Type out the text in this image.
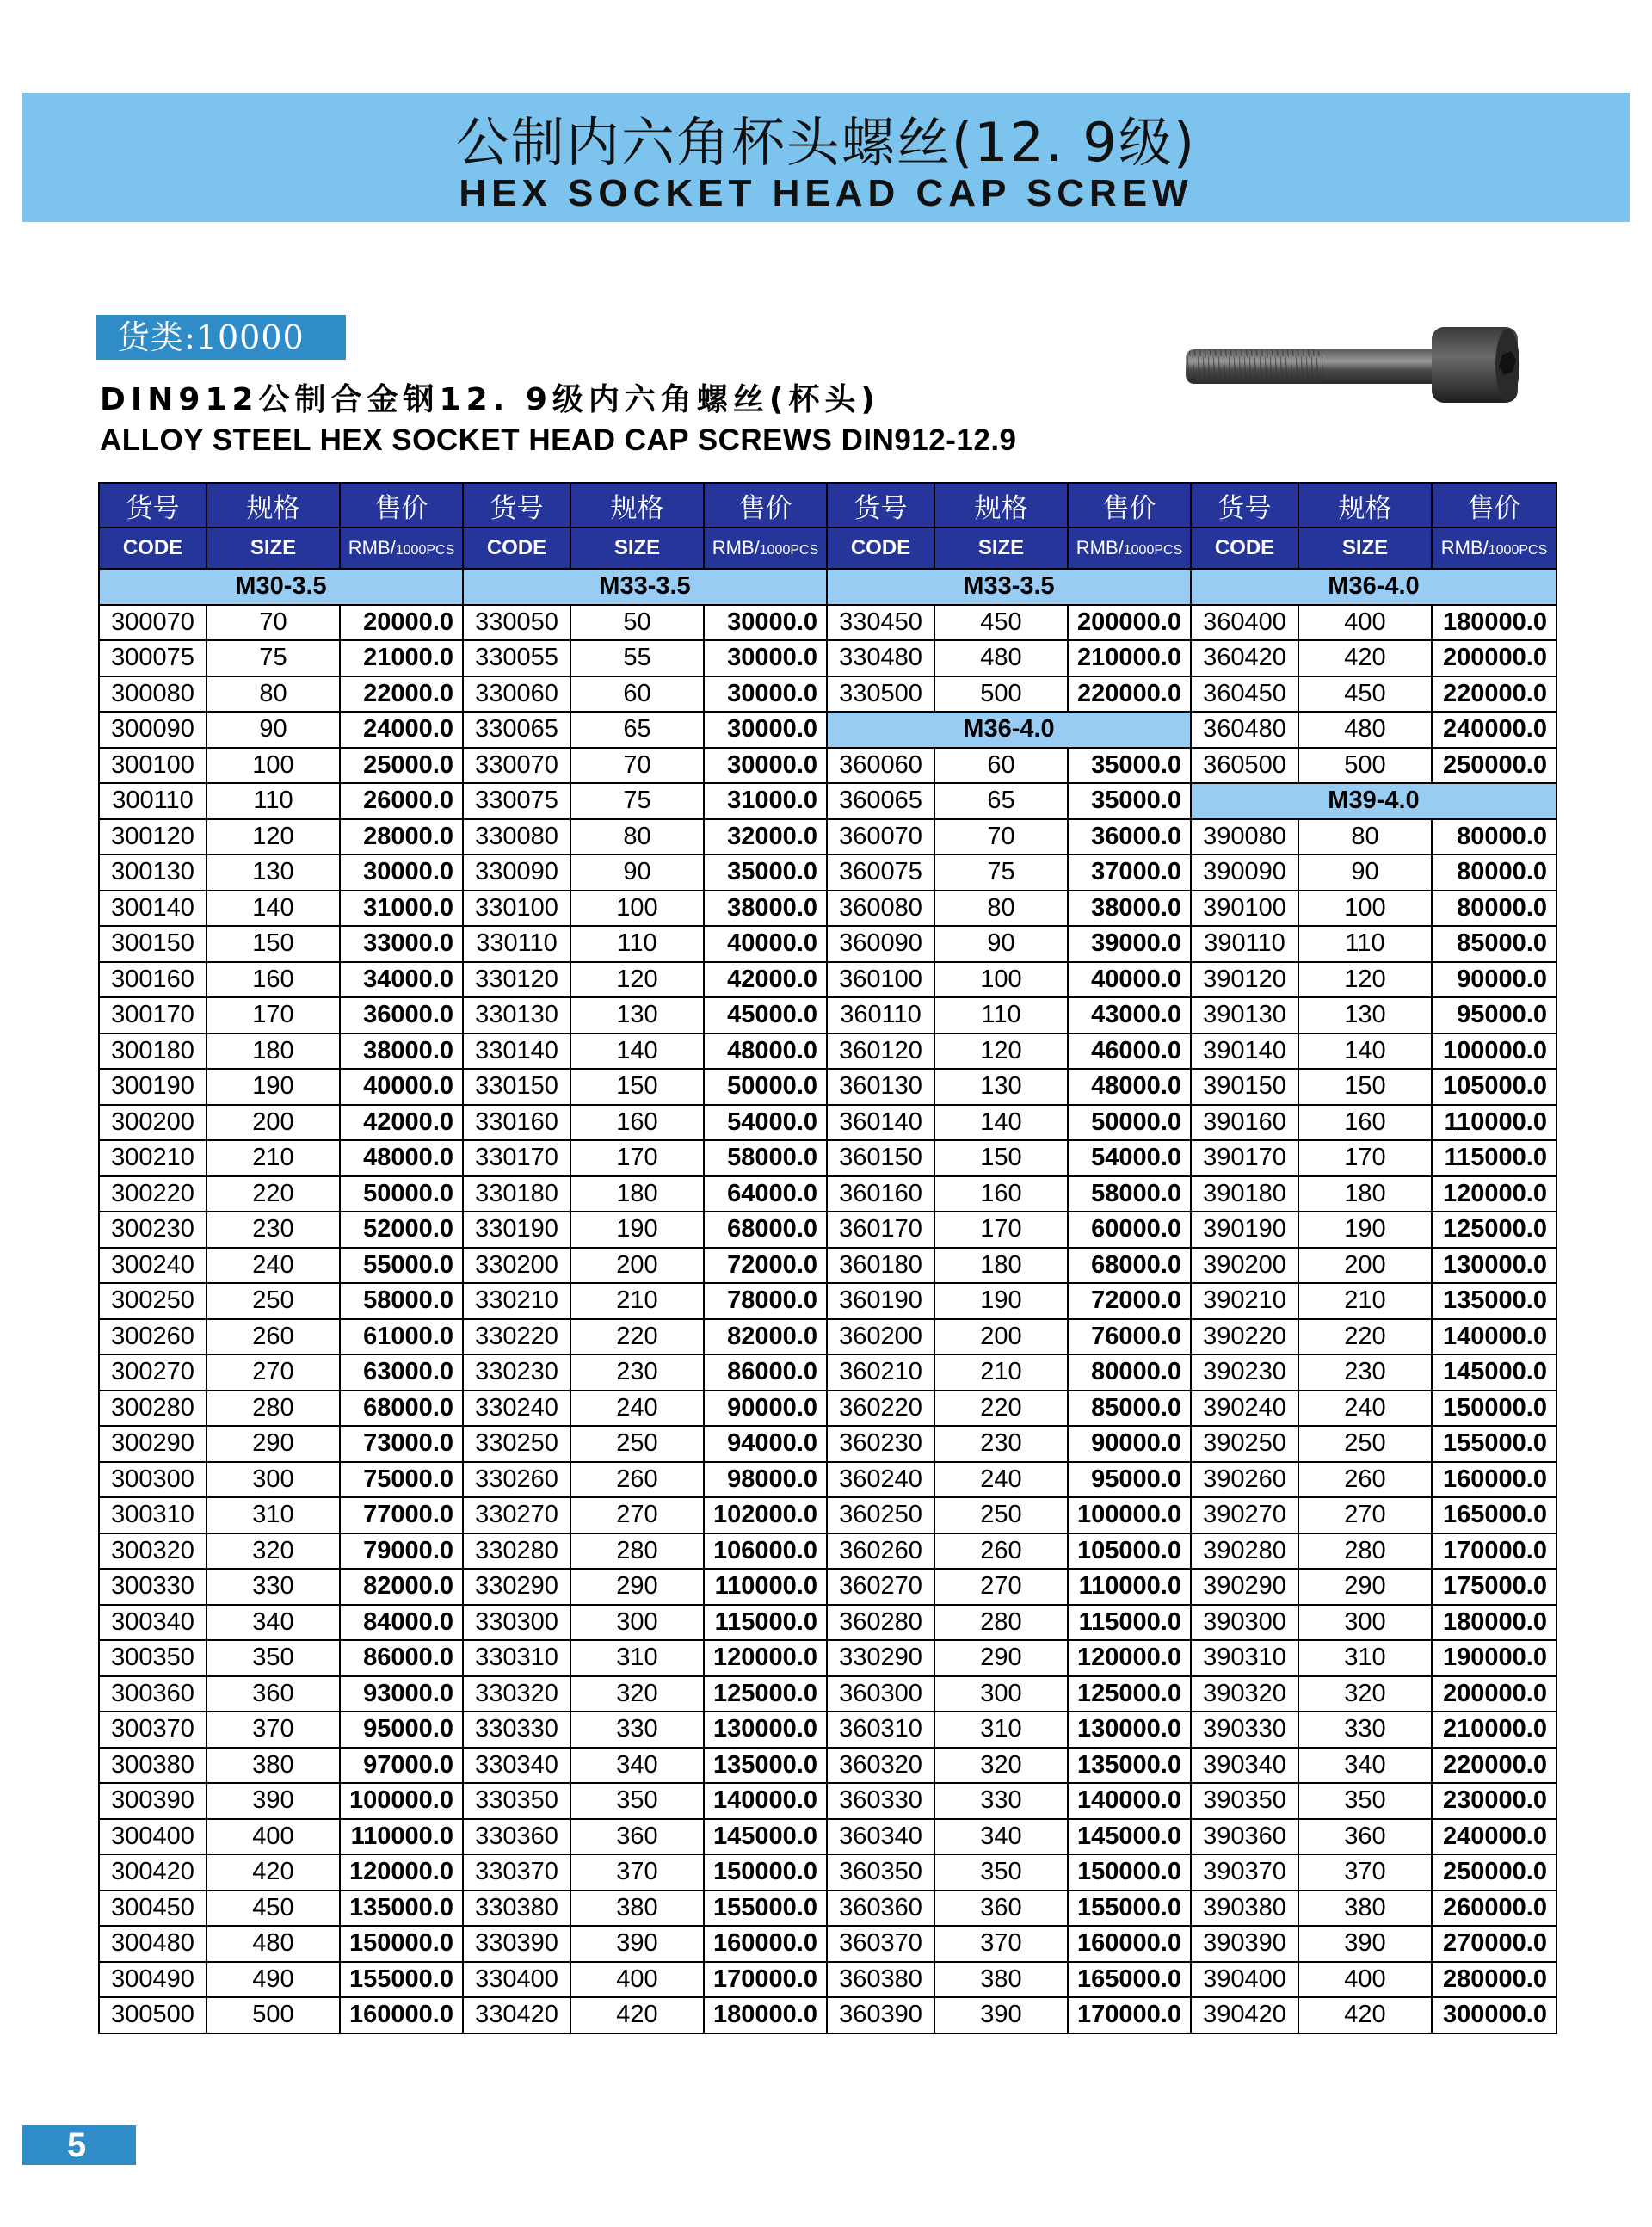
公制内六角杯头螺丝(12. 9级)
HEX SOCKET HEAD CAP SCREW
货类:10000
DIN912公制合金钢12. 9级内六角螺丝(杯头)
ALLOY STEEL HEX SOCKET HEAD CAP SCREWS DIN912-12.9
货号	规格	售价	货号	规格	售价	货号	规格	售价	货号	规格	售价
CODE	SIZE	RMB/1000PCS	CODE	SIZE	RMB/1000PCS	CODE	SIZE	RMB/1000PCS	CODE	SIZE	RMB/1000PCS
M30-3.5			M33-3.5			M33-3.5			M36-4.0		
300070	70	20000.0	330050	50	30000.0	330450	450	200000.0	360400	400	180000.0
300075	75	21000.0	330055	55	30000.0	330480	480	210000.0	360420	420	200000.0
300080	80	22000.0	330060	60	30000.0	330500	500	220000.0	360450	450	220000.0
300090	90	24000.0	330065	65	30000.0	M36-4.0			360480	480	240000.0
300100	100	25000.0	330070	70	30000.0	360060	60	35000.0	360500	500	250000.0
300110	110	26000.0	330075	75	31000.0	360065	65	35000.0	M39-4.0		
300120	120	28000.0	330080	80	32000.0	360070	70	36000.0	390080	80	80000.0
300130	130	30000.0	330090	90	35000.0	360075	75	37000.0	390090	90	80000.0
300140	140	31000.0	330100	100	38000.0	360080	80	38000.0	390100	100	80000.0
300150	150	33000.0	330110	110	40000.0	360090	90	39000.0	390110	110	85000.0
300160	160	34000.0	330120	120	42000.0	360100	100	40000.0	390120	120	90000.0
300170	170	36000.0	330130	130	45000.0	360110	110	43000.0	390130	130	95000.0
300180	180	38000.0	330140	140	48000.0	360120	120	46000.0	390140	140	100000.0
300190	190	40000.0	330150	150	50000.0	360130	130	48000.0	390150	150	105000.0
300200	200	42000.0	330160	160	54000.0	360140	140	50000.0	390160	160	110000.0
300210	210	48000.0	330170	170	58000.0	360150	150	54000.0	390170	170	115000.0
300220	220	50000.0	330180	180	64000.0	360160	160	58000.0	390180	180	120000.0
300230	230	52000.0	330190	190	68000.0	360170	170	60000.0	390190	190	125000.0
300240	240	55000.0	330200	200	72000.0	360180	180	68000.0	390200	200	130000.0
300250	250	58000.0	330210	210	78000.0	360190	190	72000.0	390210	210	135000.0
300260	260	61000.0	330220	220	82000.0	360200	200	76000.0	390220	220	140000.0
300270	270	63000.0	330230	230	86000.0	360210	210	80000.0	390230	230	145000.0
300280	280	68000.0	330240	240	90000.0	360220	220	85000.0	390240	240	150000.0
300290	290	73000.0	330250	250	94000.0	360230	230	90000.0	390250	250	155000.0
300300	300	75000.0	330260	260	98000.0	360240	240	95000.0	390260	260	160000.0
300310	310	77000.0	330270	270	102000.0	360250	250	100000.0	390270	270	165000.0
300320	320	79000.0	330280	280	106000.0	360260	260	105000.0	390280	280	170000.0
300330	330	82000.0	330290	290	110000.0	360270	270	110000.0	390290	290	175000.0
300340	340	84000.0	330300	300	115000.0	360280	280	115000.0	390300	300	180000.0
300350	350	86000.0	330310	310	120000.0	330290	290	120000.0	390310	310	190000.0
300360	360	93000.0	330320	320	125000.0	360300	300	125000.0	390320	320	200000.0
300370	370	95000.0	330330	330	130000.0	360310	310	130000.0	390330	330	210000.0
300380	380	97000.0	330340	340	135000.0	360320	320	135000.0	390340	340	220000.0
300390	390	100000.0	330350	350	140000.0	360330	330	140000.0	390350	350	230000.0
300400	400	110000.0	330360	360	145000.0	360340	340	145000.0	390360	360	240000.0
300420	420	120000.0	330370	370	150000.0	360350	350	150000.0	390370	370	250000.0
300450	450	135000.0	330380	380	155000.0	360360	360	155000.0	390380	380	260000.0
300480	480	150000.0	330390	390	160000.0	360370	370	160000.0	390390	390	270000.0
300490	490	155000.0	330400	400	170000.0	360380	380	165000.0	390400	400	280000.0
300500	500	160000.0	330420	420	180000.0	360390	390	170000.0	390420	420	300000.0
5
